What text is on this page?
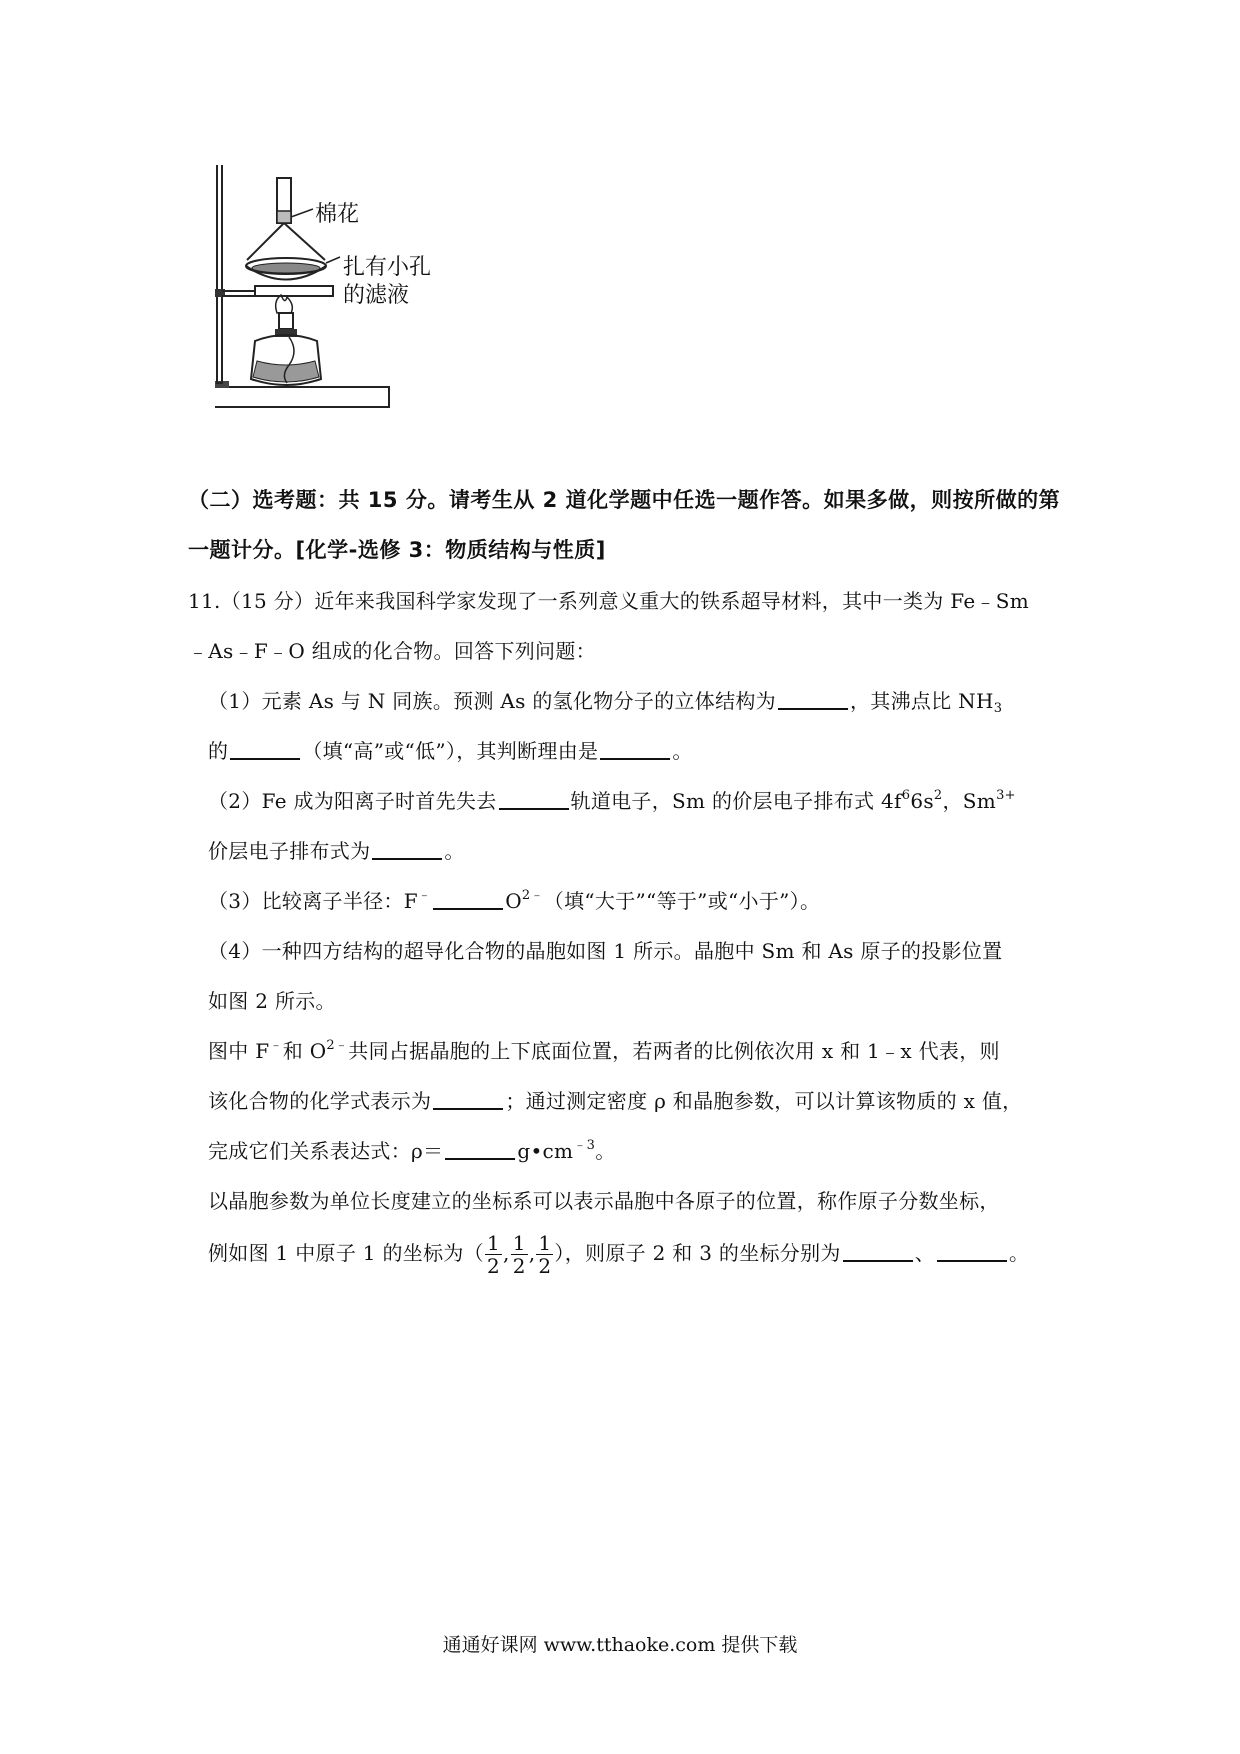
棉花
扎有小孔
的滤液
（二）选考题：共 15 分。请考生从 2 道化学题中任选一题作答。如果多做，则按所做的第
一题计分。[化学-选修 3：物质结构与性质]
11.（15 分）近年来我国科学家发现了一系列意义重大的铁系超导材料，其中一类为 Fe﹣Sm
﹣As﹣F﹣O 组成的化合物。回答下列问题：
（1）元素 As 与 N 同族。预测 As 的氢化物分子的立体结构为	，其沸点比 $NH_3$
的	（填“高”或“低”），其判断理由是	。
（2）Fe 成为阳离子时首先失去	轨道电子，Sm 的价层电子排布式 $4f^66s^2$，$Sm^{3+}$
价层电子排布式为	。
（3）比较离子半径：F﹣	$O^{2﹣}$（填“大于”“等于”或“小于”）。
（4）一种四方结构的超导化合物的晶胞如图 1 所示。晶胞中 Sm 和 As 原子的投影位置
如图 2 所示。
图中 F﹣和 $O^{2﹣}$共同占据晶胞的上下底面位置，若两者的比例依次用 x 和 1﹣x 代表，则
该化合物的化学式表示为	；通过测定密度 ρ 和晶胞参数，可以计算该物质的 x 值，
完成它们关系表达式：ρ＝	$g•cm^{﹣3}$。
以晶胞参数为单位长度建立的坐标系可以表示晶胞中各原子的位置，称作原子分数坐标，
例如图 1 中原子 1 的坐标为（ $\frac{1}{2}$ , $\frac{1}{2}$ , $\frac{1}{2}$ ），则原子 2 和 3 的坐标分别为	、	。
通通好课网 www.tthaoke.com 提供下载
